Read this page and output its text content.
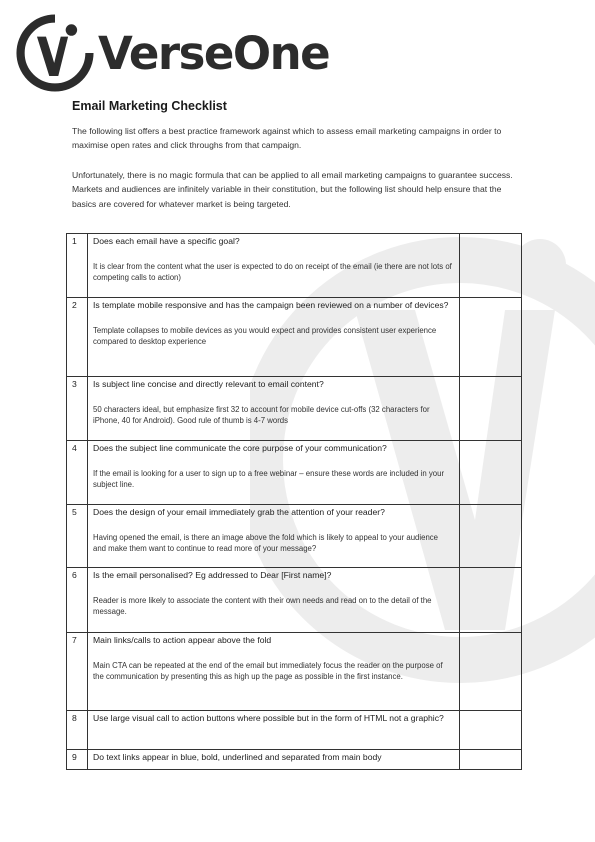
VerseOne
Email Marketing Checklist

The following list offers a best practice framework against which to assess email marketing campaigns in order to maximise open rates and click throughs from that campaign.

Unfortunately, there is no magic formula that can be applied to all email marketing campaigns to guarantee success. Markets and audiences are infinitely variable in their constitution, but the following list should help ensure that the basics are covered for whatever market is being targeted.

1	Does each email have a specific goal?

It is clear from the content what the user is expected to do on receipt of the email (ie there are not lots of competing calls to action)	

2	Is template mobile responsive and has the campaign been reviewed on a number of devices?

Template collapses to mobile devices as you would expect and provides consistent user experience compared to desktop experience	

3	Is subject line concise and directly relevant to email content?

50 characters ideal, but emphasize first 32 to account for mobile device cut-offs (32 characters for iPhone, 40 for Android). Good rule of thumb is 4-7 words	

4	Does the subject line communicate the core purpose of your communication?

If the email is looking for a user to sign up to a free webinar – ensure these words are included in your subject line.	

5	Does the design of your email immediately grab the attention of your reader?

Having opened the email, is there an image above the fold which is likely to appeal to your audience and make them want to continue to read more of your message?	

6	Is the email personalised? Eg addressed to Dear [First name]?

Reader is more likely to associate the content with their own needs and read on to the detail of the message.	

7	Main links/calls to action appear above the fold

Main CTA can be repeated at the end of the email but immediately focus the reader on the purpose of the communication by presenting this as high up the page as possible in the first instance.	

8	Use large visual call to action buttons where possible but in the form of HTML not a graphic?	

9	Do text links appear in blue, bold, underlined and separated from main body	
